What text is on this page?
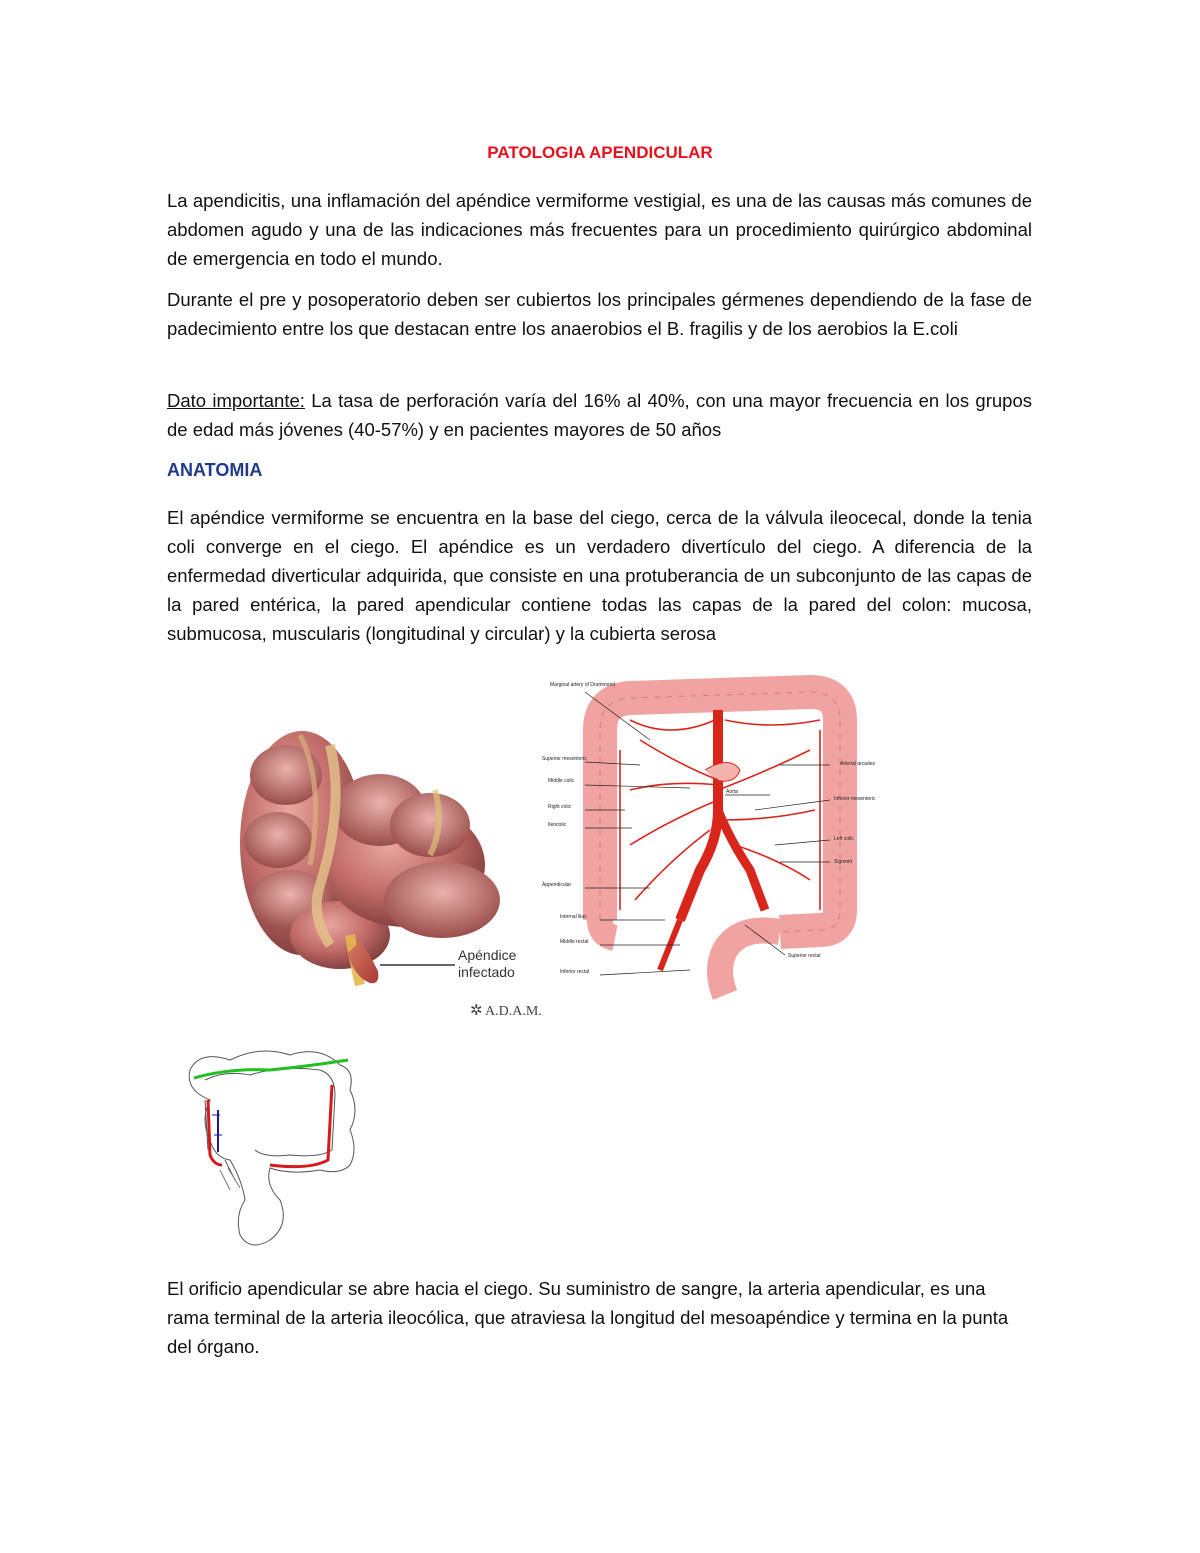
PATOLOGIA APENDICULAR

La apendicitis, una inflamación del apéndice vermiforme vestigial, es una de las causas más comunes de abdomen agudo y una de las indicaciones más frecuentes para un procedimiento quirúrgico abdominal de emergencia en todo el mundo.

Durante el pre y posoperatorio deben ser cubiertos los principales gérmenes dependiendo de la fase de padecimiento entre los que destacan entre los anaerobios el B. fragilis y de los aerobios la E.coli

Dato importante: La tasa de perforación varía del 16% al 40%, con una mayor frecuencia en los grupos de edad más jóvenes (40-57%) y en pacientes mayores de 50 años

ANATOMIA

El apéndice vermiforme se encuentra en la base del ciego, cerca de la válvula ileocecal, donde la tenia coli converge en el ciego. El apéndice es un verdadero divertículo del ciego. A diferencia de la enfermedad diverticular adquirida, que consiste en una protuberancia de un subconjunto de las capas de la pared entérica, la pared apendicular contiene todas las capas de la pared del colon: mucosa, submucosa, muscularis (longitudinal y circular) y la cubierta serosa

Apéndice
infectado
✲ A.D.A.M.
Marginal artery of Drummond
Superior mesenteric
Middle colic
Right colic
Ileocolic
Appendicular
Internal iliac
Middle rectal
Inferior rectal
Arterial arcades
Aorta
Inferior mesenteric
Left colic
Sigmoid
Superior rectal

El orificio apendicular se abre hacia el ciego. Su suministro de sangre, la arteria apendicular, es una rama terminal de la arteria ileocólica, que atraviesa la longitud del mesoapéndice y termina en la punta del órgano.
